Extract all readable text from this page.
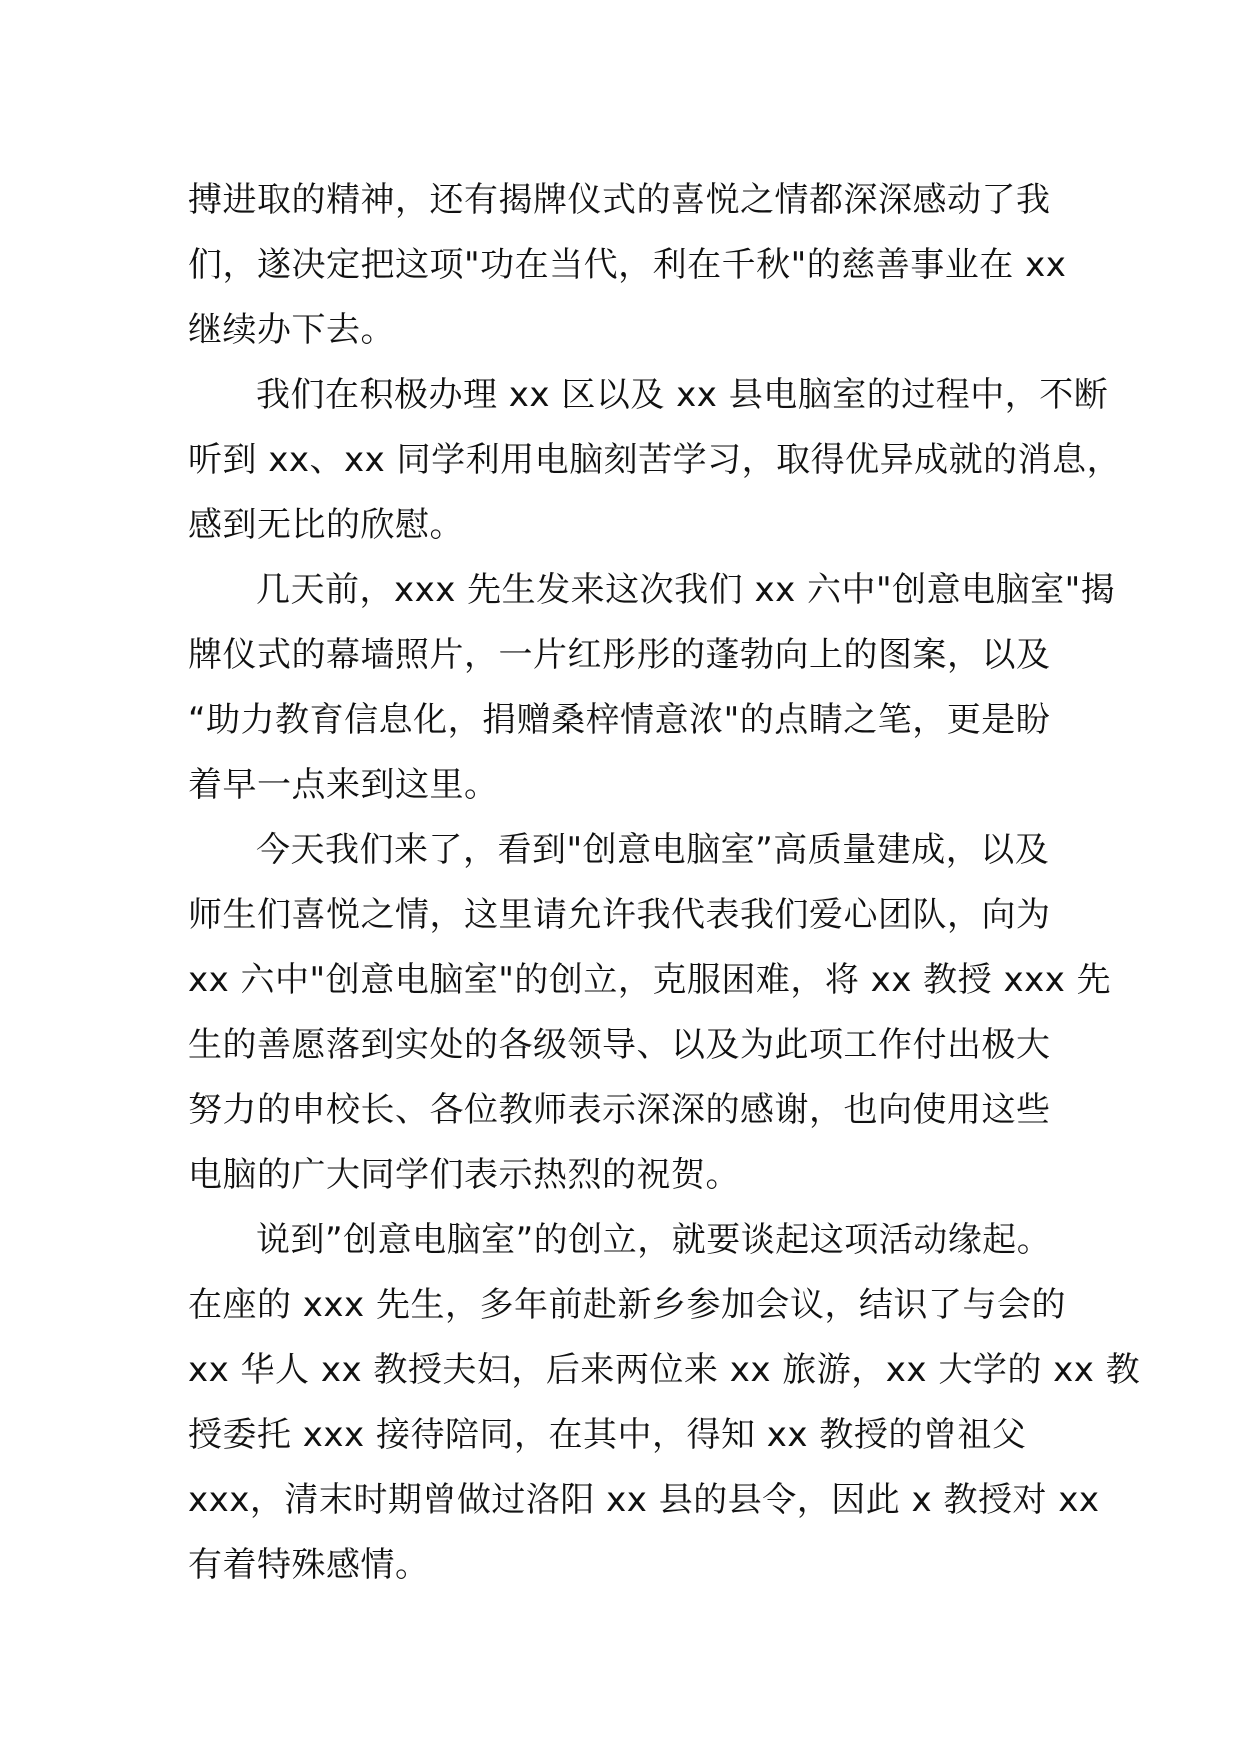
搏进取的精神，还有揭牌仪式的喜悦之情都深深感动了我
们，遂决定把这项"功在当代，利在千秋"的慈善事业在 xx
继续办下去。
我们在积极办理 xx 区以及 xx 县电脑室的过程中，不断
听到 xx、xx 同学利用电脑刻苦学习，取得优异成就的消息，
感到无比的欣慰。
几天前，xxx 先生发来这次我们 xx 六中"创意电脑室"揭
牌仪式的幕墙照片，一片红彤彤的蓬勃向上的图案，以及
“助力教育信息化，捐赠桑梓情意浓"的点睛之笔，更是盼
着早一点来到这里。
今天我们来了，看到"创意电脑室”高质量建成，以及
师生们喜悦之情，这里请允许我代表我们爱心团队，向为
xx 六中"创意电脑室"的创立，克服困难，将 xx 教授 xxx 先
生的善愿落到实处的各级领导、以及为此项工作付出极大
努力的申校长、各位教师表示深深的感谢，也向使用这些
电脑的广大同学们表示热烈的祝贺。
说到”创意电脑室”的创立，就要谈起这项活动缘起。
在座的 xxx 先生，多年前赴新乡参加会议，结识了与会的
xx 华人 xx 教授夫妇，后来两位来 xx 旅游，xx 大学的 xx 教
授委托 xxx 接待陪同，在其中，得知 xx 教授的曾祖父
xxx，清末时期曾做过洛阳 xx 县的县令，因此 x 教授对 xx
有着特殊感情。
